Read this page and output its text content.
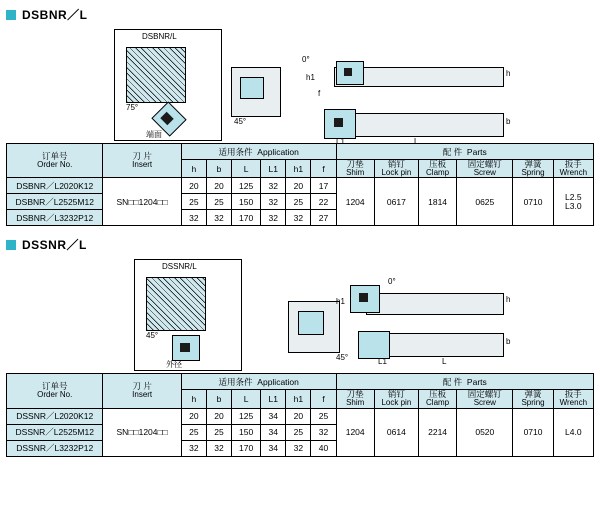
DSBNR／L
DSBNR/L
75°
端面
45°
h1
0°
L1	L
b
h
f
订单号
Order No.

刀 片
Insert
	适用条件 Application	配 件 Parts
h	b	L	L1	h1	f	刀垫
Shim

销钉
Lock pin

压板
Clamp

固定螺钉
Screw

弹簧
Spring

扳手
Wrench

DSBNR／L2020K12	SN□□1204□□	20	20	125	32	20	17	1204	0617	1814	0625	0710	L2.5
L3.0

DSBNR／L2525M12		25	25	150	32	25	22						
DSBNR／L3232P12		32	32	170	32	32	27						
DSSNR／L
DSSNR/L
45°
外径
45°
h1
0°
L1	L
b
h
订单号
Order No.

刀 片
Insert
	适用条件 Application	配 件 Parts
h	b	L	L1	h1	f	刀垫
Shim

销钉
Lock pin

压板
Clamp

固定螺钉
Screw

弹簧
Spring

扳手
Wrench

DSSNR／L2020K12	SN□□1204□□	20	20	125	34	20	25	1204	0614	2214	0520	0710	L4.0
DSSNR／L2525M12		25	25	150	34	25	32						
DSSNR／L3232P12		32	32	170	34	32	40						
